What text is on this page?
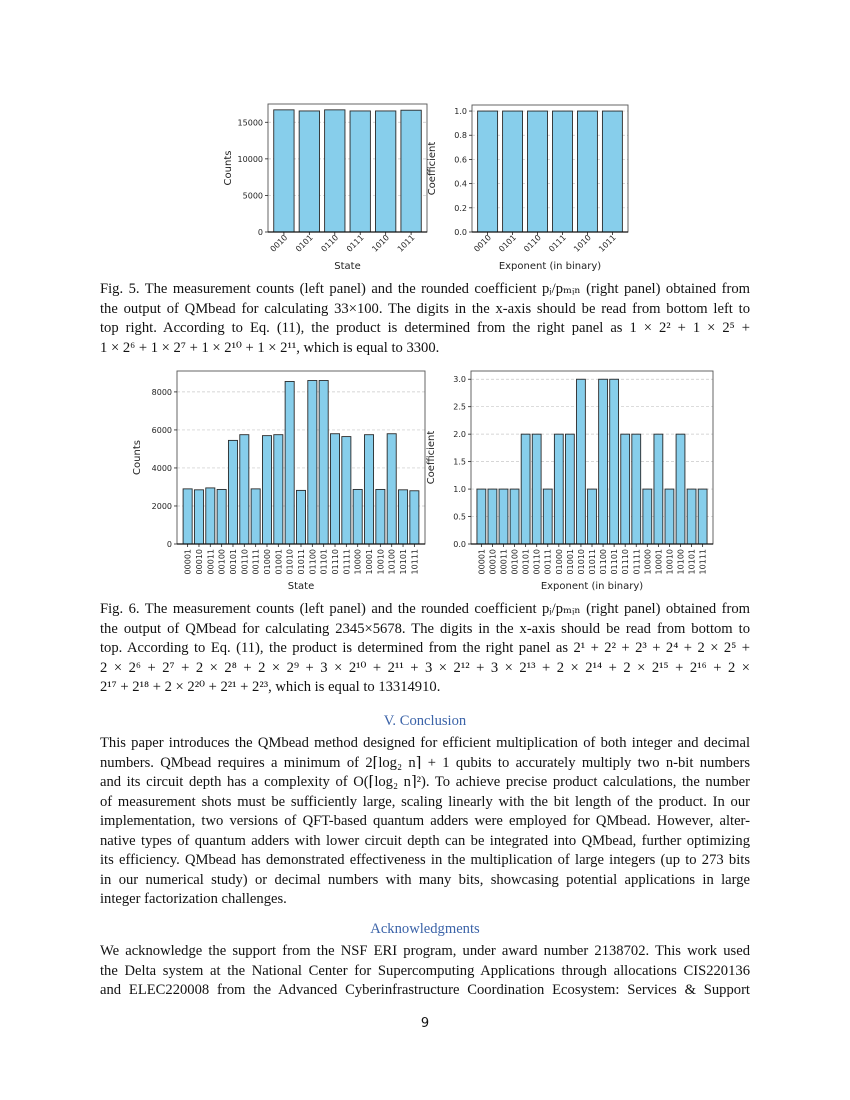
0010 0101 0110 0111 1010 1011
0
5000
10000
15000
State
Counts
0010 0101 0110 0111 1010 1011
0.0
0.2
0.4
0.6
0.8
1.0
Exponent (in binary)
Coefficient
Fig. 5. The measurement counts (left panel) and the rounded coefficient pᵢ/pₘᵢₙ (right panel) obtained from
the output of QMbead for calculating 33×100. The digits in the x-axis should be read from bottom left to
top right. According to Eq. (11), the product is determined from the right panel as 1 × 2² + 1 × 2⁵ +
1 × 2⁶ + 1 × 2⁷ + 1 × 2¹⁰ + 1 × 2¹¹, which is equal to 3300.
00001 00010 00011 00100 00101 00110 00111 01000 01001 01010 01011 01100 01101 01110 01111 10000 10001 10010 10100 10101 10111
0
2000
4000
6000
8000
State
Counts
00001 00010 00011 00100 00101 00110 00111 01000 01001 01010 01011 01100 01101 01110 01111 10000 10001 10010 10100 10101 10111
0.0
0.5
1.0
1.5
2.0
2.5
3.0
Exponent (in binary)
Coefficient
Fig. 6. The measurement counts (left panel) and the rounded coefficient pᵢ/pₘᵢₙ (right panel) obtained from
the output of QMbead for calculating 2345×5678. The digits in the x-axis should be read from bottom to
top. According to Eq. (11), the product is determined from the right panel as 2¹ + 2² + 2³ + 2⁴ + 2 × 2⁵ +
2 × 2⁶ + 2⁷ + 2 × 2⁸ + 2 × 2⁹ + 3 × 2¹⁰ + 2¹¹ + 3 × 2¹² + 3 × 2¹³ + 2 × 2¹⁴ + 2 × 2¹⁵ + 2¹⁶ + 2 ×
2¹⁷ + 2¹⁸ + 2 × 2²⁰ + 2²¹ + 2²³, which is equal to 13314910.
V. Conclusion
This paper introduces the QMbead method designed for efficient multiplication of both integer and decimal
numbers. QMbead requires a minimum of 2⌈log₂ n⌉ + 1 qubits to accurately multiply two n-bit numbers
and its circuit depth has a complexity of O(⌈log₂ n⌉²). To achieve precise product calculations, the number
of measurement shots must be sufficiently large, scaling linearly with the bit length of the product. In our
implementation, two versions of QFT-based quantum adders were employed for QMbead. However, alter-
native types of quantum adders with lower circuit depth can be integrated into QMbead, further optimizing
its efficiency. QMbead has demonstrated effectiveness in the multiplication of large integers (up to 273 bits
in our numerical study) or decimal numbers with many bits, showcasing potential applications in large
integer factorization challenges.
Acknowledgments
We acknowledge the support from the NSF ERI program, under award number 2138702. This work used
the Delta system at the National Center for Supercomputing Applications through allocations CIS220136
and ELEC220008 from the Advanced Cyberinfrastructure Coordination Ecosystem: Services & Support
9
